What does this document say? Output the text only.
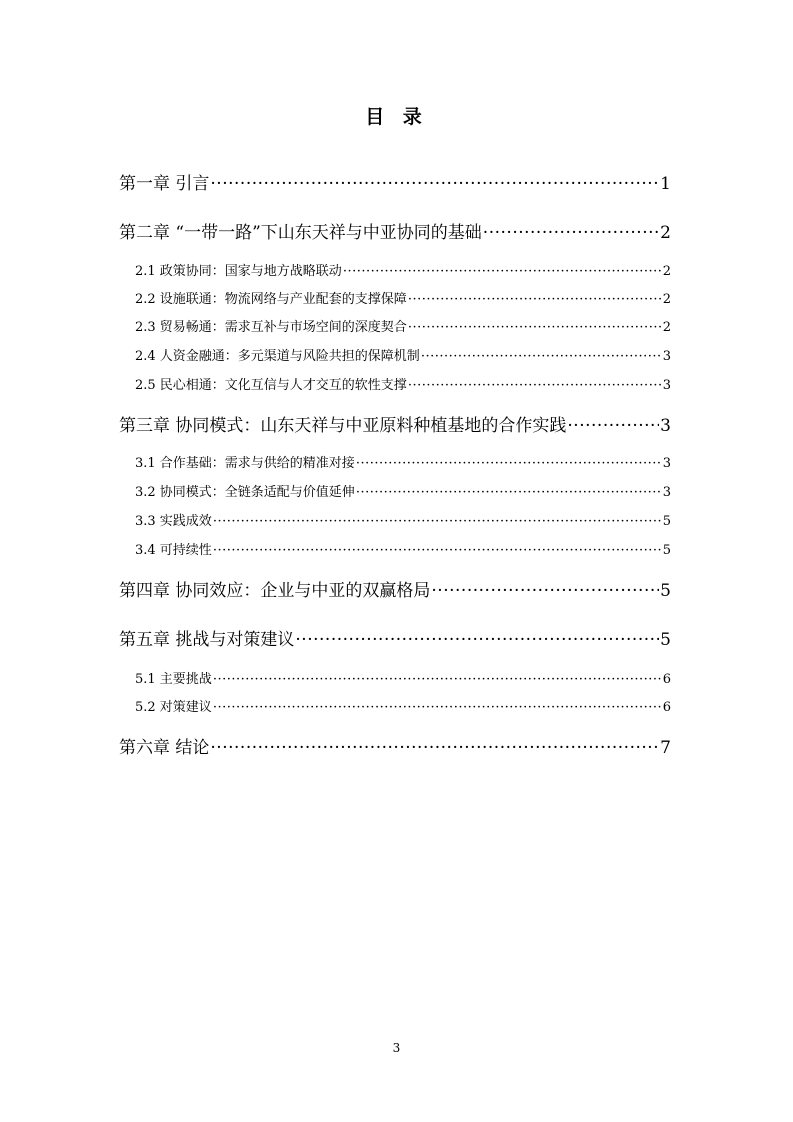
目 录
第一章 引言 ·····	1
第二章 “一带一路”下山东天祥与中亚协同的基础 ·····	2
2.1 政策协同：国家与地方战略联动 ·····	2
2.2 设施联通：物流网络与产业配套的支撑保障 ·····	2
2.3 贸易畅通：需求互补与市场空间的深度契合 ·····	2
2.4 人资金融通：多元渠道与风险共担的保障机制 ·····	3
2.5 民心相通：文化互信与人才交互的软性支撑 ·····	3
第三章 协同模式：山东天祥与中亚原料种植基地的合作实践 ·····	3
3.1 合作基础：需求与供给的精准对接 ·····	3
3.2 协同模式：全链条适配与价值延伸 ·····	3
3.3 实践成效 ·····	5
3.4 可持续性 ·····	5
第四章 协同效应：企业与中亚的双赢格局 ·····	5
第五章 挑战与对策建议 ·····	5
5.1 主要挑战 ·····	6
5.2 对策建议 ·····	6
第六章 结论 ·····	7
3
